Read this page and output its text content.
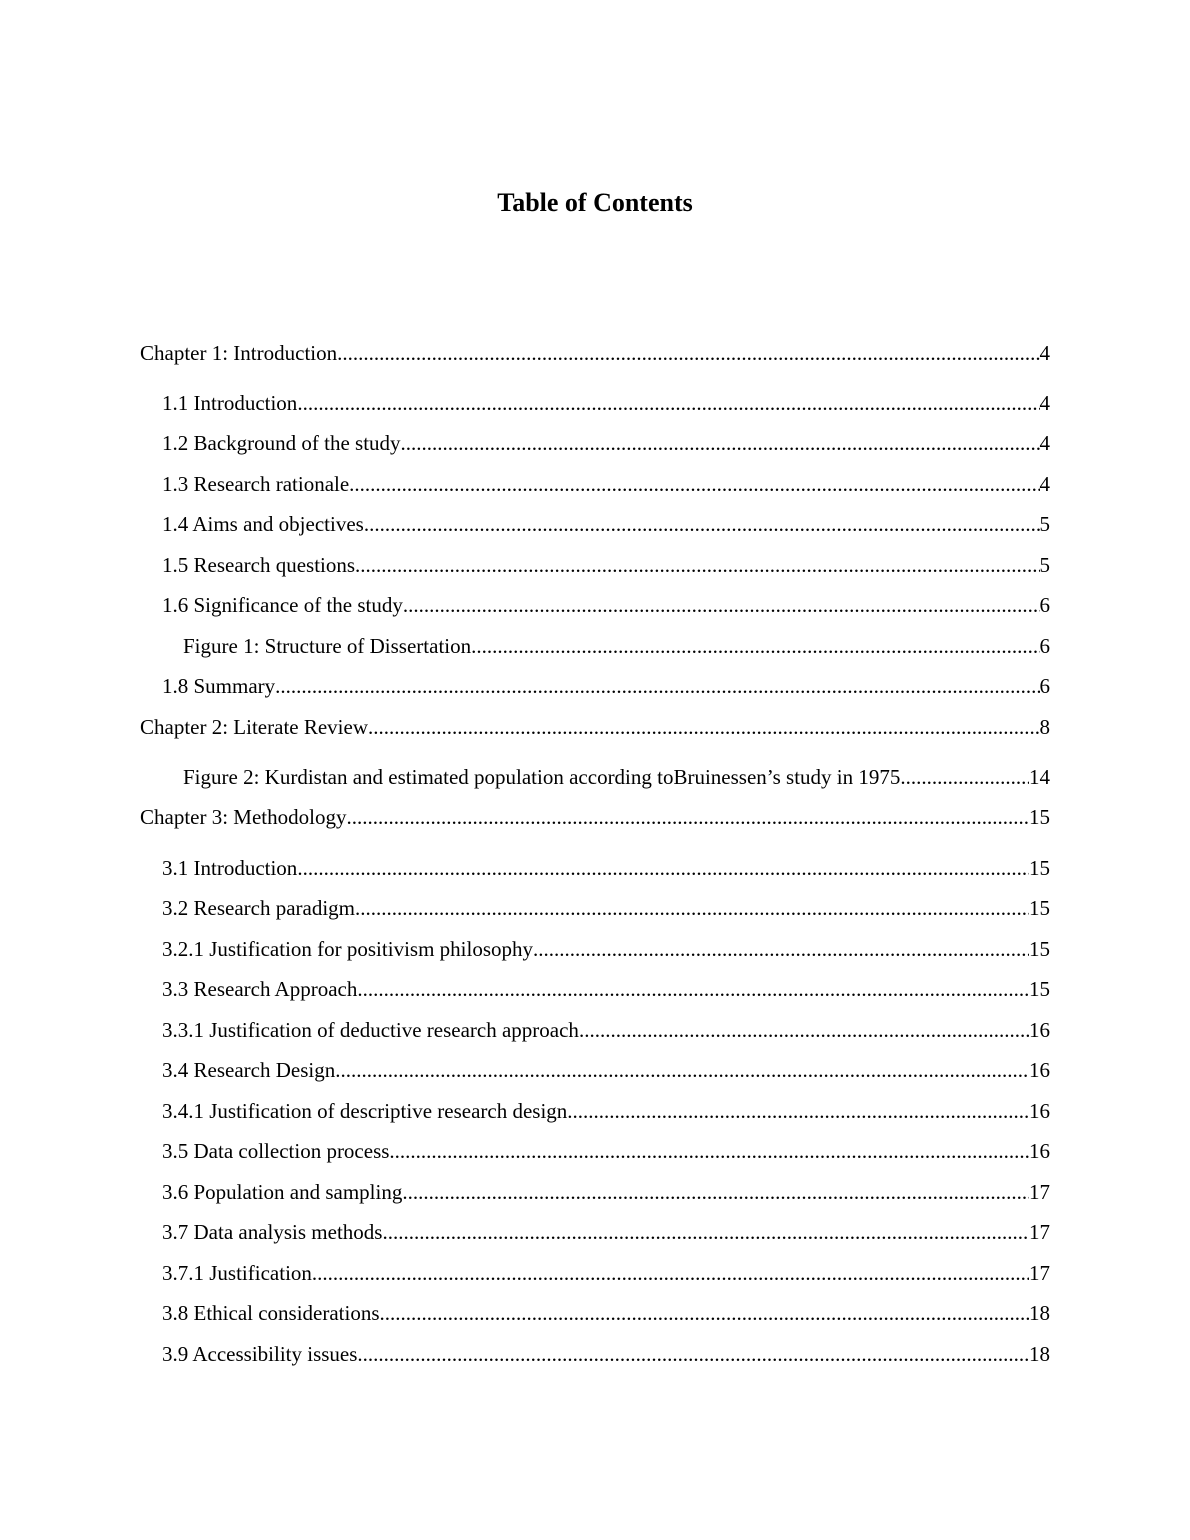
Table of Contents
Chapter 1: Introduction .....	4
1.1 Introduction .....	4
1.2 Background of the study .....	4
1.3 Research rationale .....	4
1.4 Aims and objectives .....	5
1.5 Research questions .....	5
1.6 Significance of the study .....	6
Figure 1: Structure of Dissertation .....	6
1.8 Summary .....	6
Chapter 2: Literate Review .....	8
Figure 2: Kurdistan and estimated population according toBruinessen’s study in 1975 .....	14
Chapter 3: Methodology .....	15
3.1 Introduction .....	15
3.2 Research paradigm .....	15
3.2.1 Justification for positivism philosophy .....	15
3.3 Research Approach .....	15
3.3.1 Justification of deductive research approach .....	16
3.4 Research Design .....	16
3.4.1 Justification of descriptive research design .....	16
3.5 Data collection process .....	16
3.6 Population and sampling .....	17
3.7 Data analysis methods .....	17
3.7.1 Justification .....	17
3.8 Ethical considerations .....	18
3.9 Accessibility issues .....	18
